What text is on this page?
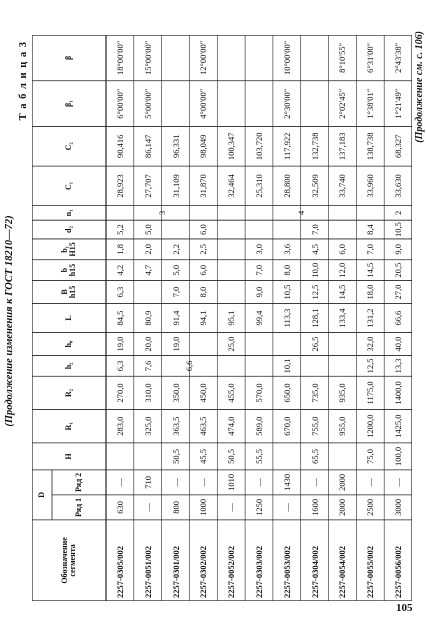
(Продолжение изменения к ГОСТ 18210—72)
Т а б л и ц а 3
Обозначение сегмента
H
R₁
R₂
h₂
h₀
L
B h15
b h15
b₁ H15
d₂
n₁
C₁
C₂
β₁
β
D
Ряд 1
Ряд 2
2257-0305/002
630
—
283,0
270,0
6,3
19,0
84,5
4,2
1,8
5,2
28,923
90,416
6°00′00″
18°00′00″
2257-0051/002
—
710
325,0
310,0
7,6
20,0
80,9
4,7
2,0
5,0
27,707
86,147
5°00′00″
15°00′00″
2257-0301/002
800
—
50,5
363,5
350,0
91,4
7,0
5,0
2,2
31,109
96,331
2257-0302/002
1000
—
45,5
463,5
450,0
94,1
8,0
6,0
2,5
6,0
31,870
98,049
4°00′00″
12°00′00″
2257-0052/002
—
1010
50,5
474,0
455,0
95,1
32,464
100,347
2257-0303/002
1250
—
55,5
589,0
570,0
99,4
9,0
7,0
3,0
25,310
103,720
2257-0053/002
—
1430
670,0
650,0
10,1
113,3
10,5
8,0
3,6
28,800
117,922
2°30′00″
10°00′00″
2257-0304/002
1600
—
65,5
755,0
735,0
26,5
128,1
12,5
10,0
4,5
7,0
32,509
132,738
2257-0054/002
2000
2000
955,0
935,0
133,4
14,5
12,0
6,0
33,740
137,183
2°02′45″
8°10′55″
2257-0055/002
2500
—
75,0
1200,0
1175,0
12,5
32,0
131,2
18,0
14,5
7,0
8,4
33,960
138,738
1°38′01″
6°31′00″
2257-0056/002
3000
—
100,0
1425,0
1400,0
13,3
40,0
66,6
27,0
20,5
9,0
10,5
2
33,630
68,327
1°21′49″
2°43′38″
25,0
6,6
6,3
3	4
19,0
(Продолжение см. с. 106)
105
